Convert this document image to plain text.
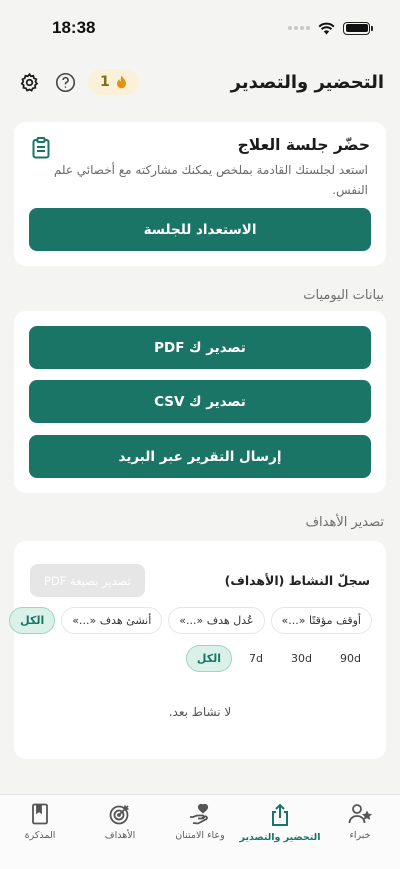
18:38
1	التحضير والتصدير
حضّر جلسة العلاج
استعد لجلستك القادمة بملخص يمكنك مشاركته مع أخصائي علم النفس.
الاستعداد للجلسة
بيانات اليوميات
تصدير ك PDF
تصدير ك CSV
إرسال التقرير عبر البريد
تصدير الأهداف
تصدير بصيغة PDF	سجلّ النشاط (الأهداف)
أوقف مؤقتًا «...»
عُدل هدف «...»
أنشئ هدف «...»
الكل
الكل	7d	30d	90d
لا نشاط بعد.
خبراء
التحضير والتصدير
وعاء الامتنان
الأهداف
المذكرة
